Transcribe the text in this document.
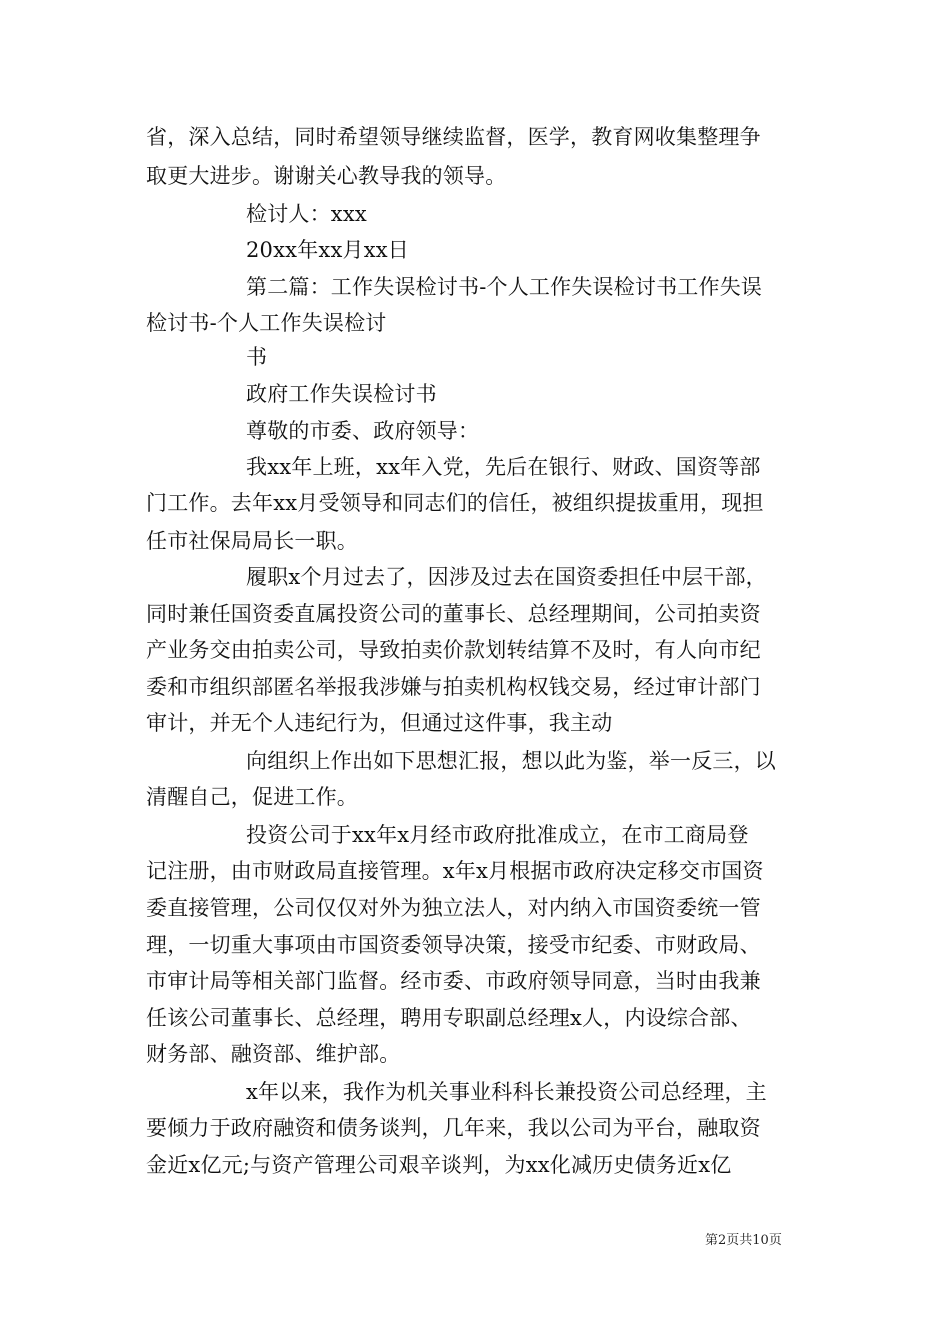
省，深入总结，同时希望领导继续监督，医学，教育网收集整理争
取更大进步。谢谢关心教导我的领导。
检讨人：xxx
20xx年xx月xx日
第二篇：工作失误检讨书-个人工作失误检讨书工作失误
检讨书-个人工作失误检讨
书
政府工作失误检讨书
尊敬的市委、政府领导：
我xx年上班，xx年入党，先后在银行、财政、国资等部
门工作。去年xx月受领导和同志们的信任，被组织提拔重用，现担
任市社保局局长一职。
履职x个月过去了，因涉及过去在国资委担任中层干部，
同时兼任国资委直属投资公司的董事长、总经理期间，公司拍卖资
产业务交由拍卖公司，导致拍卖价款划转结算不及时，有人向市纪
委和市组织部匿名举报我涉嫌与拍卖机构权钱交易，经过审计部门
审计，并无个人违纪行为，但通过这件事，我主动
向组织上作出如下思想汇报，想以此为鉴，举一反三，以
清醒自己，促进工作。
投资公司于xx年x月经市政府批准成立，在市工商局登
记注册，由市财政局直接管理。x年x月根据市政府决定移交市国资
委直接管理，公司仅仅对外为独立法人，对内纳入市国资委统一管
理，一切重大事项由市国资委领导决策，接受市纪委、市财政局、
市审计局等相关部门监督。经市委、市政府领导同意，当时由我兼
任该公司董事长、总经理，聘用专职副总经理x人，内设综合部、
财务部、融资部、维护部。
x年以来，我作为机关事业科科长兼投资公司总经理，主
要倾力于政府融资和债务谈判，几年来，我以公司为平台，融取资
金近x亿元;与资产管理公司艰辛谈判，为xx化减历史债务近x亿
第2页共10页
